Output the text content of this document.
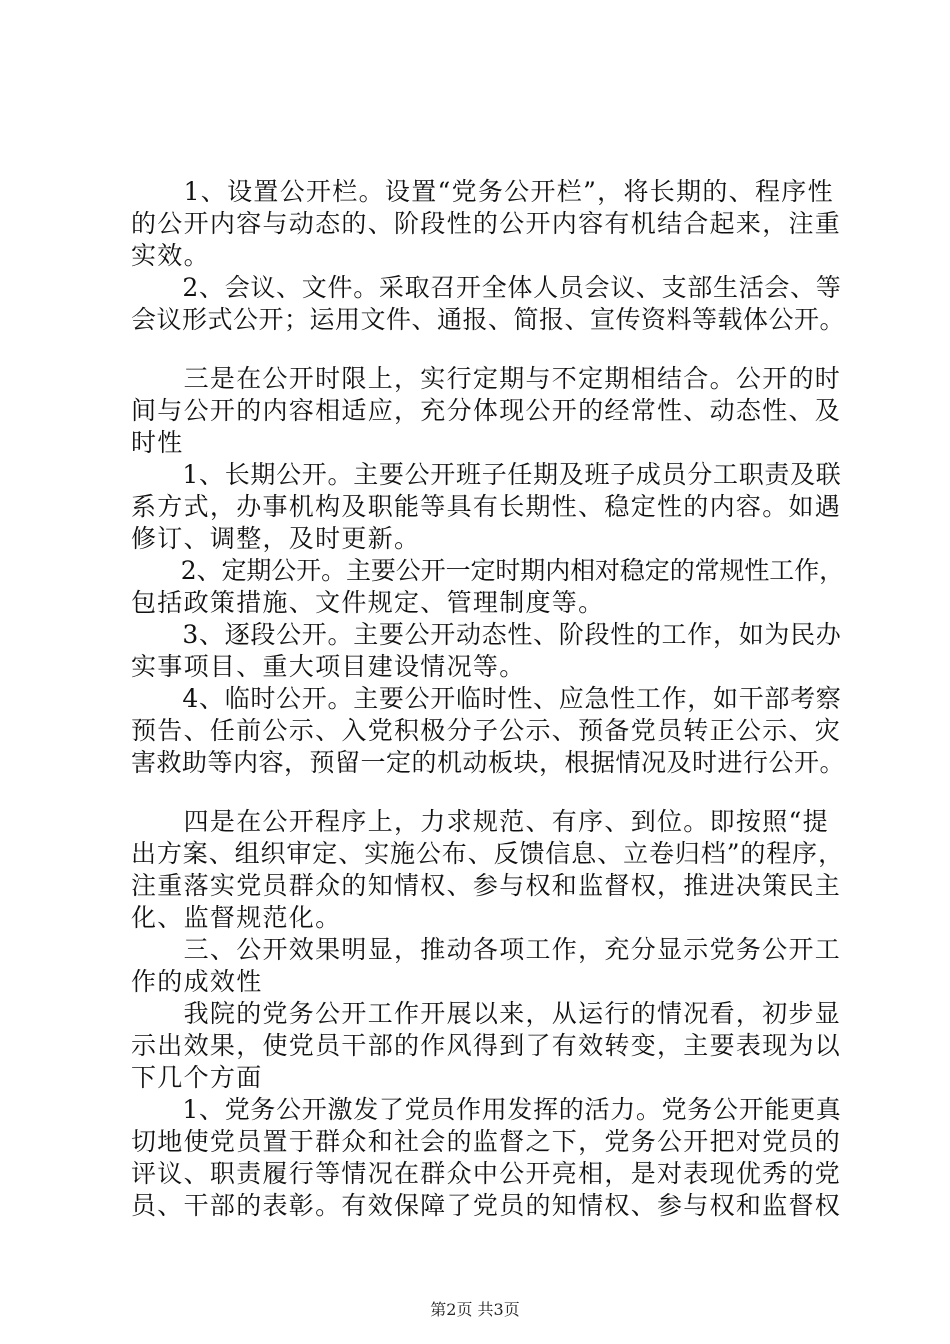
　　1、设置公开栏。设置“党务公开栏”，将长期的、程序性
的公开内容与动态的、阶段性的公开内容有机结合起来，注重
实效。
　　2、会议、文件。采取召开全体人员会议、支部生活会、等
会议形式公开；运用文件、通报、简报、宣传资料等载体公开。
　　三是在公开时限上，实行定期与不定期相结合。公开的时
间与公开的内容相适应，充分体现公开的经常性、动态性、及
时性
　　1、长期公开。主要公开班子任期及班子成员分工职责及联
系方式，办事机构及职能等具有长期性、稳定性的内容。如遇
修订、调整，及时更新。
　　2、定期公开。主要公开一定时期内相对稳定的常规性工作，
包括政策措施、文件规定、管理制度等。
　　3、逐段公开。主要公开动态性、阶段性的工作，如为民办
实事项目、重大项目建设情况等。
　　4、临时公开。主要公开临时性、应急性工作，如干部考察
预告、任前公示、入党积极分子公示、预备党员转正公示、灾
害救助等内容，预留一定的机动板块，根据情况及时进行公开。
　　四是在公开程序上，力求规范、有序、到位。即按照“提
出方案、组织审定、实施公布、反馈信息、立卷归档”的程序，
注重落实党员群众的知情权、参与权和监督权，推进决策民主
化、监督规范化。
　　三、公开效果明显，推动各项工作，充分显示党务公开工
作的成效性
　　我院的党务公开工作开展以来，从运行的情况看，初步显
示出效果，使党员干部的作风得到了有效转变，主要表现为以
下几个方面
　　1、党务公开激发了党员作用发挥的活力。党务公开能更真
切地使党员置于群众和社会的监督之下，党务公开把对党员的
评议、职责履行等情况在群众中公开亮相，是对表现优秀的党
员、干部的表彰。有效保障了党员的知情权、参与权和监督权
第2页 共3页
